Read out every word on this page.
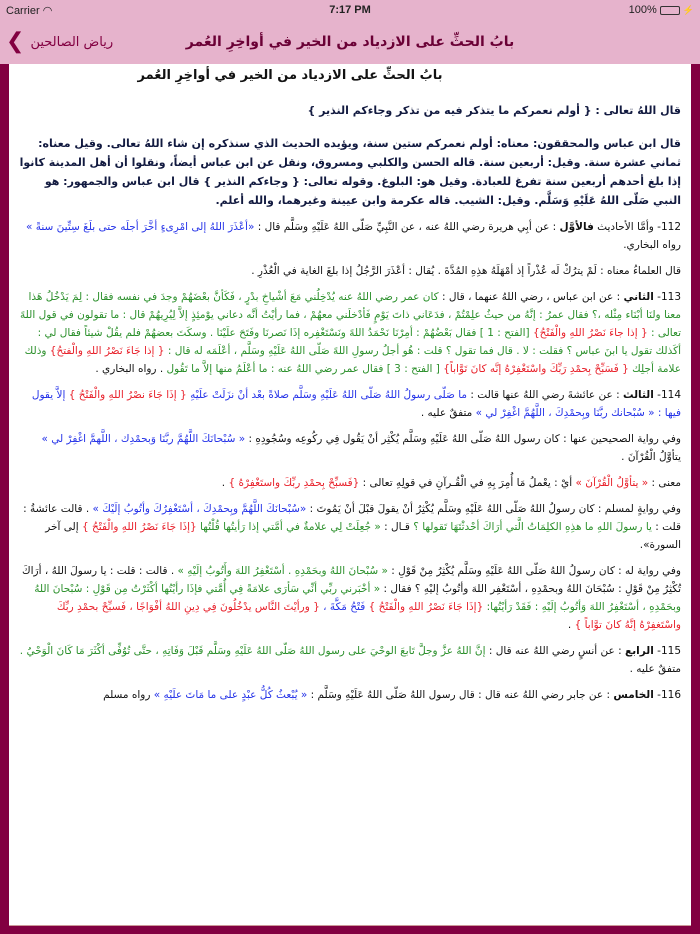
Carrier ◠	7:17 PM	100%	⚡
❮ رياض الصالحين	بابُ الحثِّ على الازدياد من الخير في أواخِرِ العُمر
بابُ الحثِّ على الازدياد من الخير في أواخِرِ العُمر

قال اللهُ تعالى : { أولم نعمركم ما يتذكر فيه من تذكر وجاءكم النذير }

قال ابن عباس والمحققون: معناه: أولم نعمركم ستين سنة، ويؤيده الحديث الذي سنذكره إن شاء اللهُ تعالى. وقيل معناه: ثماني عشرة سنة. وقيل: أربعين سنة. قاله الحسن والكلبي ومسروق، ونقل عن ابن عباس أيضاً، ونقلوا أن أهل المدينة كانوا إذا بلغ أحدهم أربعين سنة تفرغ للعبادة. وقيل هو: البلوغ. وقوله تعالى: { وجاءكم النذير } قال ابن عباس والجمهور: هو النبي صَلّى اللهُ عَلَيْهِ وَسَلَّم. وقيل: الشيب. قاله عكرمة وابن عيينة وغيرهما، والله أعلم.

112- وأمَّا الأحاديث فالأوَّل : عن أبِي هريرة رضي اللهُ عنه ، عن النَّبِيِّ صَلّى اللهُ عَلَيْهِ وسَلَّم قال : «أعْذَرَ اللهُ إلى امْرِىءٍ أخَّرَ أجلَه حتى بلَغَ سِتِّينَ سنةً » رواه البخاري.

قال العلماءُ معناه : لَمْ يترُكْ لَه عُذْراً إذ أمْهَلَهُ هذِهِ المُدَّةَ . يُقال : أعْذَرَ الرَّجُلُ إذا بلغَ الغاية في الْعُذْرِ .

113- الثاني : عن ابن عباس ، رضي اللهُ عنهما ، قال : كان عمر رضي اللهُ عنه يُدْخِلُني مَعَ أشْياخِ بدْرٍ ، فَكَأنَّ بعْضَهُمْ وجدَ في نفسه فقال : لِمَ يَدْخُلُ هَذا معنا ولنَا أبْنَاء مِثْله ،؟ فقال عمرُ : إنَّهُ من حيثُ علِمْتُمْ ، فدَعَاني ذاتَ يَوْمٍ فَأدْخلَني معهُمْ ، فما رأيْتُ أنَّه دعاني يوْمئِذٍ إلاَّ لِيُرِيهُمْ قال : ما تقولون في قول اللهً تعالى : { إذا جاءَ نَصْرُ اللهِ والْفَتْحُ} [الفتح : 1 ] فقال بَعْضُهُمْ : أمِرْنَا نَحْمَدُ اللهً ونَسْتَغْفِره إذَا نَصرنَا وفَتَحَ علَيْنَا . وسكَتَ بعضهُمْ فلم يقُلْ شيئاً فقال لي : أكَذلك تقول يا ابنَ عباس ؟ فقلت : لا . قال فما تقول ؟ قلت : هُو أجلُ رسولِ اللهً صَلّى اللهُ عَلَيْهِ وسَلَّم ، أعْلَمَه له قال : { إذا جَاءَ نَصْرُ اللهِ والْفتحُ} وذلك علامة أجلِك { فَسَبِّحْ بِحمْدِ رَبِّكَ واسْتَغْفِرْهُ إنَّه كانَ تَوَّاباً} [ الفتح : 3 ] فقال عمر رضي اللهُ عنه : ما أعْلَمُ منها إلاَّ ما تَقُول . رواه البخاري .

114- الثالث : عن عائشةَ رضي اللهُ عنها قالت : ما صَلّى رسولُ اللهُ صَلّى اللهُ عَلَيْهِ وسَلَّم صلاةً بعْد أنْ نزَلَتْ علَيْهِ { إذَا جَاءَ نصْرُ اللهِ والْفَتْحُ } إلاَّ يقول فيها : « سُبْحانك ربَّنَا وبِحمْدِكَ ، اللَّهُمَّ اغْفِرْ لي » متفقٌ عليه .

وفي رواية الصحيحين عنها : كان رسول اللهُ صَلّى اللهُ عَلَيْهِ وسَلَّم يُكْثِر أنْ يَقُول فِي ركُوعِه وسُجُودِهِ : « سُبْحانَكَ اللَّهُمَّ ربَّنَا وَبحمْدِك ، اللَّهمَّ اغْفِرْ لي » يتأوَّلُ الْقُرْآنَ .

معنى : « يتأوَّلُ الْقُرْآنَ » أيْ : يعْملُ مَا أُمِرَ بِهِ في الْقُـرآنِ في قولِهِ تعالى : {فَسبِّحْ بِحمْدِ ربِّكَ واستَغْفِرْهُ } .

وفي روايةٍ لمسلم : كان رسولُ اللهُ صَلّى اللهُ عَلَيْهِ وسَلَّم يُكْثِرُ أنْ يقولَ قبْلَ أنْ يَمُوتَ : «سُبْحانَكَ اللَّهُمَّ وبِحمْدِكَ ، أسْتَغْفِرُكَ وأتُوبُ إلَيْكَ » . قالت عائشةُ : قلت : يا رسولَ اللهِ ما هذِهِ الكلِمَاتُ الَّتي أرَاكَ أحْدثْتَهَا تَقولها ؟ قـال : « جُعِلَتْ لِي علامةٌ في أمَّتي إذا رَأيتُها قُلْتُها {إذَا جَاءَ نَصْرُ اللهِ والْفَتْحُ } إلى آخر السورة».

وفي رواية له : كان رسولُ اللهُ صَلّى اللهُ عَلَيْهِ وسَلَّم يُكْثِرُ مِنْ قَوْلِ : « سُبْحانَ اللهُ وبحَمْدِهِ . أسْتَغْفِرُ اللهَ وأَتُوبُ إلَيْهِ » . قالت : قلت : يا رسولَ اللهُ ، أرَاكَ تُكْثِرُ مِنْ قَوْلِ : سُبْحَانَ اللهُ وبحمْدِهِ ، أسْتَغْفِر اللهَ وأتُوبُ إليْهِ ؟ فقال : « أخْبَرني ربِّي أنِّي سَأرَى علامَةً فِي أُمَّتي فإذَا رأيْتُها أكْثَرْتُ مِن قَوْلِ : سُبْحانَ اللهُ وبحَمْدِهِ ، أسْتَغْفِرُ اللهَ وَأتُوبُ إلَيْهِ : فَقَدْ رَأيْتُها: {إذَا جَاءَ نَصْرُ اللهِ والْفَتْحُ } فَتْحُ مَكَّةَ ، { ورأيْتَ النَّاس يدْخُلُونَ فِي دِينِ اللهُ أفْوَاجًا ، فَسبِّحْ بحمْدِ ربِّكَ واسْتَغفِرْهُ إنَّهُ كانَ توَّاباً } .

115- الرابع : عن أنسٍ رضي اللهُ عنه قال : إنَّ اللهُ عزَّ وجلَّ تَابعَ الوحْيَ على رسول اللهُ صَلّى اللهُ عَلَيْهِ وسَلَّم قَبْلَ وَفَاتِهِ ، حتَّى تُوُفِّى أكْثَرَ مَا كَانَ الْوَحْيُ . متفقٌ عليه .

116- الخامس : عن جابر رضي اللهُ عنه قال : قال رسول اللهُ صَلّى اللهُ عَلَيْهِ وسَلَّم : « يُبْعثُ كُلُّ عبْدٍ على ما مَاتَ علَيْهِ » رواه مسلم
